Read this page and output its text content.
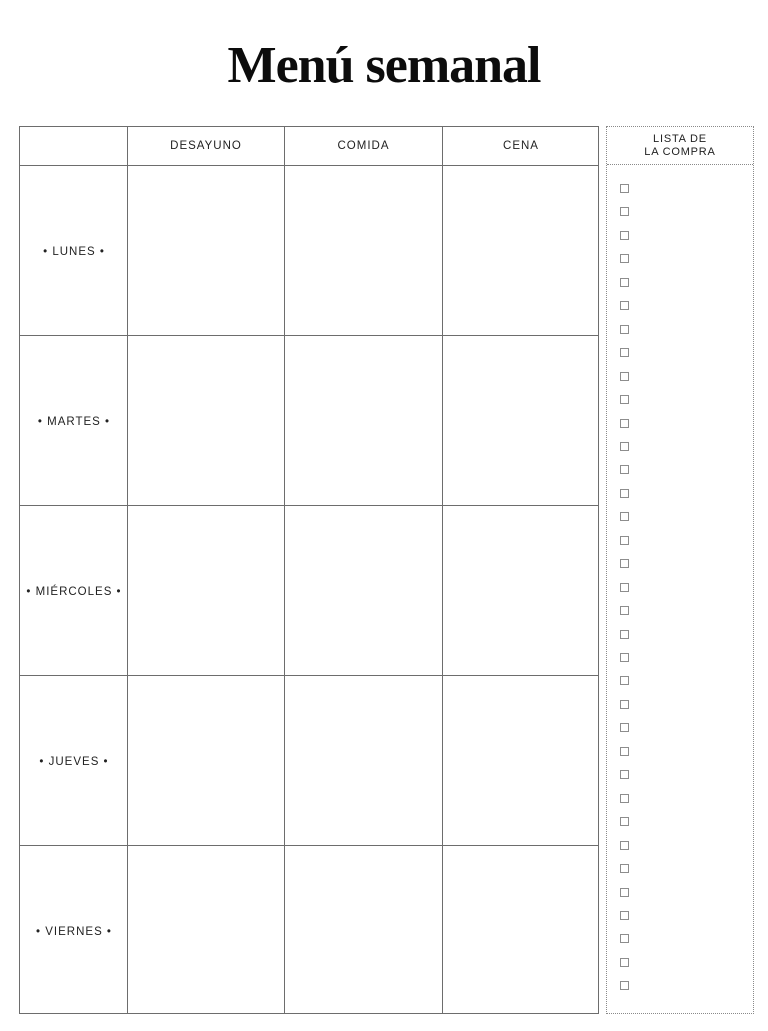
Menú semanal
DESAYUNO	COMIDA	CENA
• LUNES •
• MARTES •
• MIÉRCOLES •
• JUEVES •
• VIERNES •
LISTA DE
LA COMPRA
